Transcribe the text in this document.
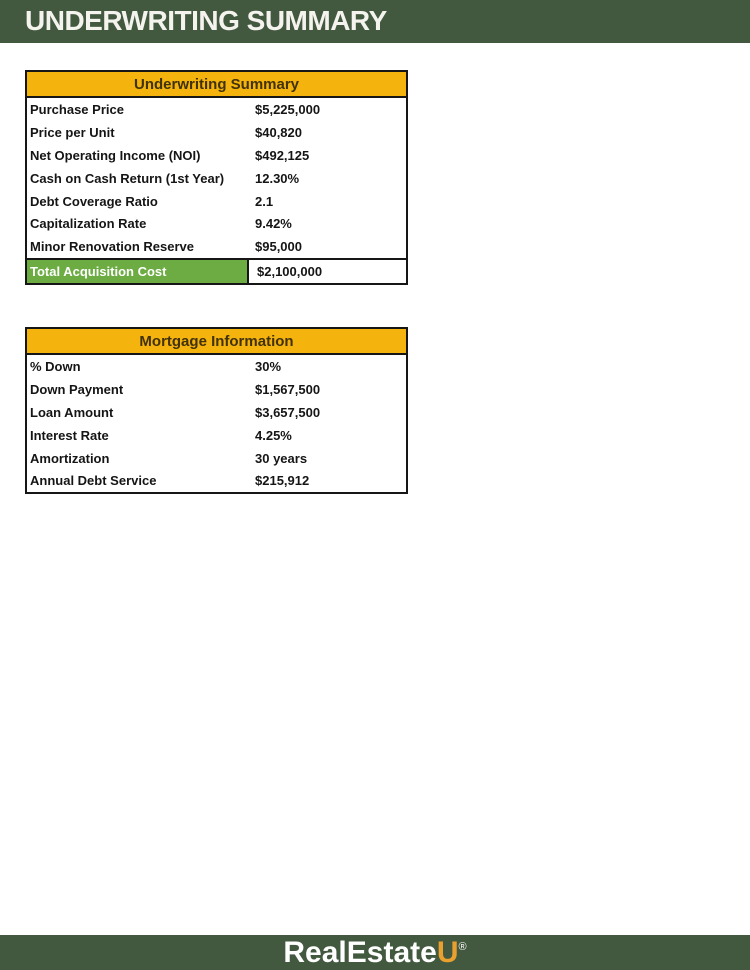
UNDERWRITING SUMMARY
Underwriting Summary
Purchase Price	$5,225,000
Price per Unit	$40,820
Net Operating Income (NOI)	$492,125
Cash on Cash Return (1st Year)	12.30%
Debt Coverage Ratio	2.1
Capitalization Rate	9.42%
Minor Renovation Reserve	$95,000
Total Acquisition Cost	$2,100,000
Mortgage Information
% Down	30%
Down Payment	$1,567,500
Loan Amount	$3,657,500
Interest Rate	4.25%
Amortization	30 years
Annual Debt Service	$215,912
RealEstateU®
